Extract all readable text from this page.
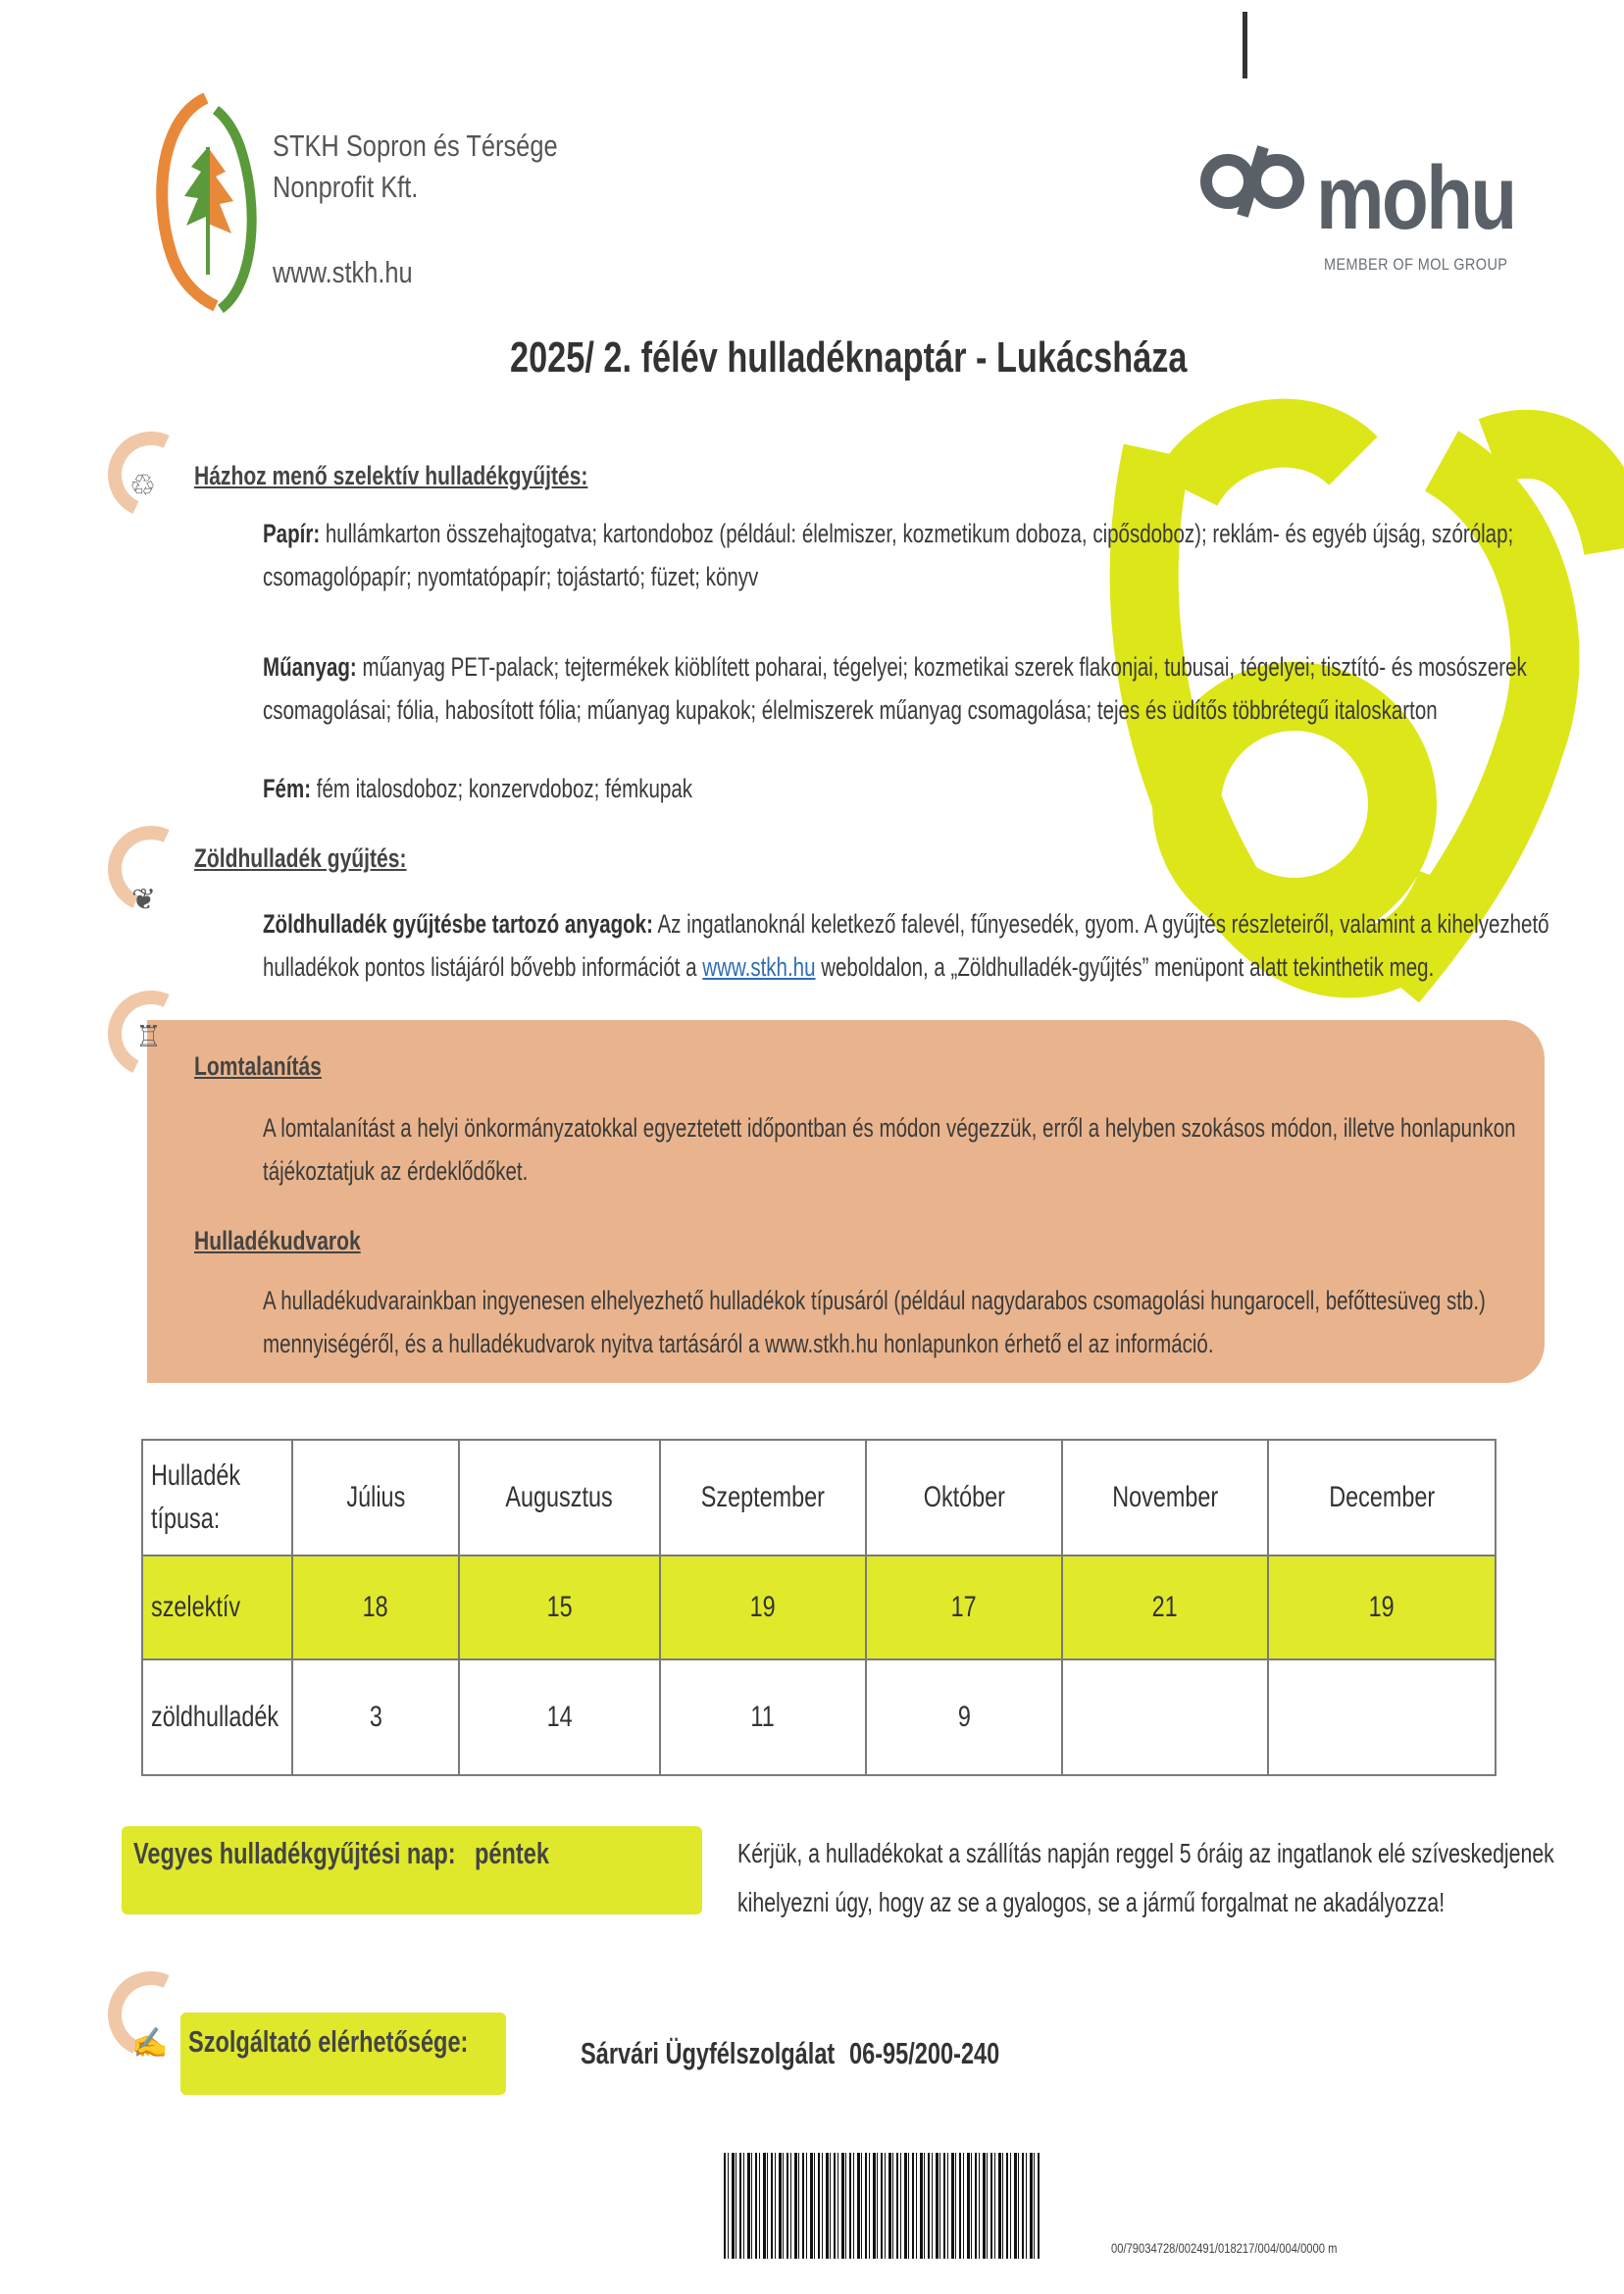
STKH Sopron és Térsége
Nonprofit Kft.
www.stkh.hu
mohu
MEMBER OF MOL GROUP
2025/ 2. félév hulladéknaptár - Lukácsháza
♲ Házhoz menő szelektív hulladékgyűjtés:
Papír: hullámkarton összehajtogatva; kartondoboz (például: élelmiszer, kozmetikum doboza, cipősdoboz); reklám- és egyéb újság, szórólap; csomagolópapír; nyomtatópapír; tojástartó; füzet; könyv
Műanyag: műanyag PET-palack; tejtermékek kiöblített poharai, tégelyei; kozmetikai szerek flakonjai, tubusai, tégelyei; tisztító- és mosószerek csomagolásai; fólia, habosított fólia; műanyag kupakok; élelmiszerek műanyag csomagolása; tejes és üdítős többrétegű italoskarton
Fém: fém italosdoboz; konzervdoboz; fémkupak
❦
Zöldhulladék gyűjtés:
Zöldhulladék gyűjtésbe tartozó anyagok: Az ingatlanoknál keletkező falevél, fűnyesedék, gyom. A gyűjtés részleteiről, valamint a kihelyezhető hulladékok pontos listájáról bővebb információt a www.stkh.hu weboldalon, a „Zöldhulladék-gyűjtés” menüpont alatt tekinthetik meg.
♖
Lomtalanítás
A lomtalanítást a helyi önkormányzatokkal egyeztetett időpontban és módon végezzük, erről a helyben szokásos módon, illetve honlapunkon tájékoztatjuk az érdeklődőket.
Hulladékudvarok
A hulladékudvarainkban ingyenesen elhelyezhető hulladékok típusáról (például nagydarabos csomagolási hungarocell, befőttesüveg stb.) mennyiségéről, és a hulladékudvarok nyitva tartásáról a www.stkh.hu honlapunkon érhető el az információ.
Hulladék típusa:	Július	Augusztus	Szeptember	Október	November	December
szelektív	18	15	19	17	21	19
zöldhulladék	3	14	11	9		
Vegyes hulladékgyűjtési nap: péntek	Kérjük, a hulladékokat a szállítás napján reggel 5 óráig az ingatlanok elé szíveskedjenek kihelyezni úgy, hogy az se a gyalogos, se a jármű forgalmat ne akadályozza!
✍ Szolgáltató elérhetősége:	Sárvári Ügyfélszolgálat 06-95/200-240
00/79034728/002491/018217/004/004/0000 m
